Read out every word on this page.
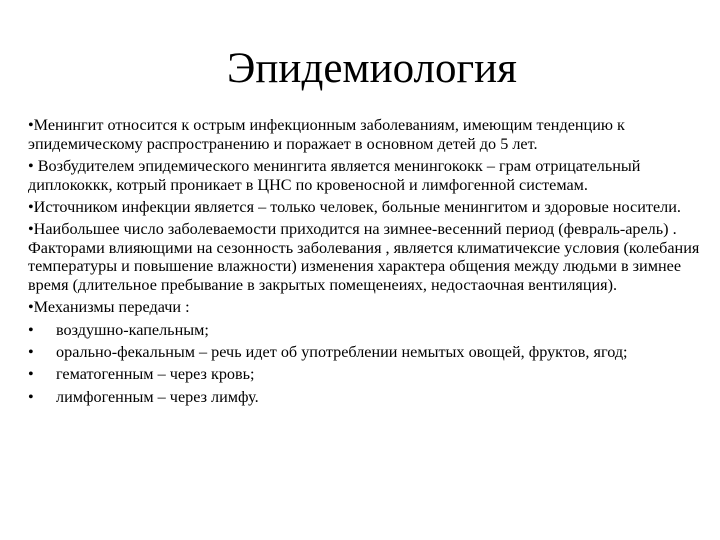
Эпидемиология

•Менингит относится к острым инфекционным заболеваниям, имеющим тенденцию к эпидемическому распространению и поражает в основном детей до 5 лет.

• Возбудителем эпидемического менингита является менингококк – грам отрицательный диплококкк, котрый проникает в ЦНС по кровеносной и лимфогенной системам.

•Источником инфекции является – только человек, больные менингитом и здоровые носители.

•Наибольшее число заболеваемости приходится на зимнее-весенний период (февраль-арель) . Факторами влияющими на сезонность заболевания , является климатичексие условия (колебания температуры и повышение влажности) изменения характера общения между людьми в зимнее время (длительное пребывание в закрытых помещенеиях, недостаочная вентиляция).

•Механизмы передачи :

• воздушно-капельным;
• орально-фекальным – речь идет об употреблении немытых овощей, фруктов, ягод;
• гематогенным – через кровь;
• лимфогенным – через лимфу.
